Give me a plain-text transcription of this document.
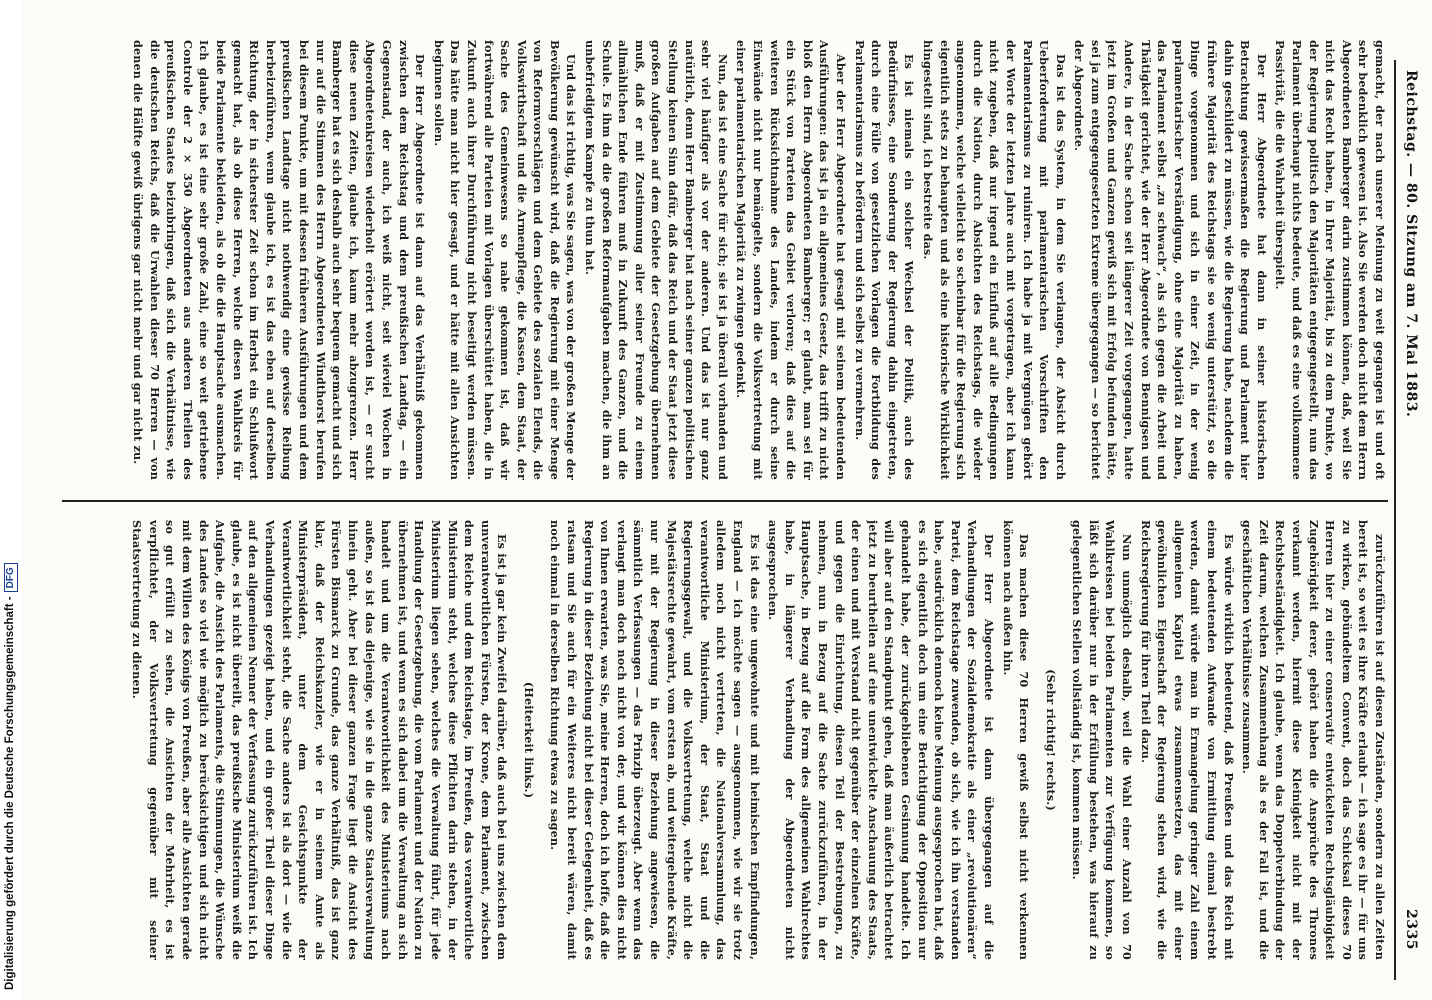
Digitalisierung gefördert durch die Deutsche Forschungsgemeinschaft -DFG
Reichstag. — 80. Sitzung am 7. Mai 1883.
2335

gemacht, der nach unserer Meinung zu weit gegangen ist und oft sehr bedenklich gewesen ist. Also Sie werden doch nicht dem Herrn Abgeordneten Bamberger darin zustimmen können, daß, weil Sie nicht das Recht haben, in Ihrer Majorität, bis zu dem Punkte, wo der Regierung politisch den Majoritäten entgegengestellt, nun das Parlament überhaupt nichts bedeute, und daß es eine vollkommene Passivität, die die Wahrheit überspielt.

Der Herr Abgeordnete hat dann in seiner historischen Betrachtung gewissermaßen die Regierung und Parlament hier dahin geschildert zu müssen, wie die Regierung habe, nachdem die frühere Majorität des Reichstags sie so wenig unterstützt, so die Dinge vorgenommen und sich in einer Zeit, in der wenig parlamentarischer Verständigung, ohne eine Majorität zu haben, das Parlament selbst „zu schwach“, als sich gegen die Arbeit und Thätigkeit gerichtet, wie der Herr Abgeordnete von Bennigsen und Andere, in der Sache schon seit längerer Zeit vorgegangen, hatte jetzt im Großen und Ganzen gewiß sich mit Erfolg befunden hätte, sei ja zum entgegengesetzten Extreme übergegangen — so berichtet der Abgeordnete.

Das ist das System, in dem Sie verlangen, der Absicht durch Ueberforderung mit parlamentarischen Vorschriften den Parlamentarismus zu ruiniren. Ich habe ja mit Vergnügen gehört der Worte der letzten Jahre auch mit vorgetragen, aber ich kann nicht zugeben, daß nur irgend ein Einfluß auf alle Bedingungen durch die Nation, durch Absichten des Reichstags, die wieder angenommen, welche vielleicht so scheinbar für die Regierung sich eigentlich stets zu behaupten und als eine historische Wirklichkeit hingestellt sind, ich bestreite das.

Es ist niemals ein solcher Wechsel der Politik, auch des Bedürfnisses, eine Sonderung der Regierung dahin eingetreten, durch eine Fülle von gesetzlichen Vorlagen die Fortbildung des Parlamentarismus zu befördern und sich selbst zu vermehren.

Aber der Herr Abgeordnete hat gesagt mit seinem bedeutenden Ausführungen: das ist ja ein allgemeines Gesetz, das trifft zu nicht bloß den Herrn Abgeordneten Bamberger; er glaubt, man sei für ein Stück von Parteien das Gebiet verloren; daß dies auf die weiteren Rücksichtnahme des Landes, indem er durch seine Einwände nicht nur bemängelte, sondern die Volksvertretung mit einer parlamentarischen Majorität zu zwingen gedenkt.

Nun, das ist eine Sache für sich; sie ist ja überall vorhanden und sehr viel häufiger als vor der anderen. Und das ist nur ganz natürlich, denn Herr Bamberger hat nach seiner ganzen politischen Stellung keinen Sinn dafür, daß das Reich und der Staat jetzt diese großen Aufgaben auf dem Gebiete der Gesetzgebung übernehmen muß, daß er mit Zustimmung aller seiner Freunde zu einem allmählichen Ende führen muß in Zukunft des Ganzen, und die Schule. Es ihm da die großen Reformaufgaben machen, die ihm an unbefriedigtem Kampfe zu thun hat.

Und das ist richtig, was Sie sagen, was von der großen Menge der Bevölkerung gewünscht wird, daß die Regierung mit einer Menge von Reformvorschlägen und dem Gebiete des sozialen Elends, die Volkswirthschaft und die Armenpflege, die Kassen, dem Staat, der Sache des Gemeinwesens so nahe gekommen ist, daß wir fortwährend alle Parteien mit Vorlagen überschüttet haben, die in Zukunft auch ihrer Durchführung nicht beseitigt werden müssen. Das hätte man nicht hier gesagt, und er hätte mit allen Ansichten beginnen sollen.

Der Herr Abgeordnete ist dann auf das Verhältniß gekommen zwischen dem Reichstag und dem preußischen Landtag, — ein Gegenstand, der auch, ich weiß nicht, seit wieviel Wochen in Abgeordnetenkreisen wiederholt erörtert worden ist, — er sucht diese neuen Zeiten, glaube ich, kaum mehr abzugrenzen. Herr Bamberger hat es sich deshalb auch sehr bequem gemacht und sich nur auf die Stimmen des Herrn Abgeordneten Windthorst berufen bei diesem Punkte, um mit dessen früheren Ausführungen und dem preußischen Landtage nicht nothwendig eine gewisse Reibung herbeizuführen, wenn glaube ich, es ist das eben auf derselben Richtung, der in sicherster Zeit schon im Herbst ein Schlußwort gemacht hat, als ob diese Herren, welche diesen Wahlkreis für beide Parlamente bekleiden, als ob die die Hauptsache ausmachen. Ich glaube, es ist eine sehr große Zahl, eine so weit getriebene Controle der 2 × 350 Abgeordneten aus anderen Theilen des preußischen Staates beizubringen, daß sich die Verhältnisse, wie die deutschen Reichs, daß die Urwahlen dieser 70 Herren — von denen die Hälfte gewiß übrigens gar nicht mehr und gar nicht zu.

zurückzuführen ist auf diesen Zuständen, sondern zu allen Zeiten bereit ist, so weit es ihre Kräfte erlaubt — ich sage es ihr — für uns zu wirken, gebündeltem Convent, doch das Schicksal dieses 70 Herren hier zu einer conservativ entwickelten Rechtsgläubigkeit Zugehörigkeit derer, gehört haben die Ansprüche des Thrones verkannt werden, hiermit diese Kleinigkeit nicht mit der Rechtsbeständigkeit. Ich glaube, wenn das Doppelverbindung der Zeit darum, welchen Zusammenhang als es der Fall ist, und die geschäftlichen Verhältnisse zusammen.

Es würde wirklich bedeutend, daß Preußen und das Reich mit einem bedeutenden Aufwande von Ermittlung einmal bestrebt werden, damit würde man in Ermangelung geringer Zahl einem allgemeinen Kapital etwas zusammensetzen, das mit einer gewöhnlichen Eigenschaft der Regierung stehen wird, wie die Reichsregierung für ihren Theil dazu.

Nun unmöglich deshalb, weil die Wahl einer Anzahl von 70 Wahlkreisen bei beiden Parlamenten zur Verfügung kommen, so läßt sich darüber nur in der Erfüllung bestehen, was hierauf zu gelegentlichen Stellen vollständig ist, kommen müssen.

(Sehr richtig! rechts.)

Das machen diese 70 Herren gewiß selbst nicht verkennen können nach außen hin.

Der Herr Abgeordnete ist dann übergegangen auf die Verhandlungen der Sozialdemokratie als einer „revolutionären“ Partei, dem Reichstage zuwenden, ob sich, wie ich ihn verstanden habe, ausdrücklich dennoch keine Meinung ausgesprochen hat, daß es sich eigentlich doch um eine Berichtigung der Opposition nur gehandelt habe, der zurückgebliebenen Gesinnung handelte. Ich will aber auf den Standpunkt gehen, daß man äußerlich betrachtet jetzt zu beurtheilen auf eine unentwickelte Anschauung des Staats, der einen und mit Verstand nicht gegenüber der einzelnen Kräfte, und gegen die Einrichtung, diesen Teil der Bestrebungen, zu nehmen, nun in Bezug auf die Sache zurückzuführen, in der Hauptsache, in Bezug auf die Form des allgemeinen Wahlrechtes habe, in längerer Verhandlung der Abgeordneten nicht ausgesprochen.

Es ist das eine ungewohnte und mit heimischen Empfindungen, England — ich möchte sagen — ausgenommen, wie wir sie trotz alledem noch nicht vertreten, die Nationalversammlung, das verantwortliche Ministerium, der Staat, Staat und die Regierungsgewalt, und die Volksvertretung, welche nicht die Majestätsrechte gewahrt, vom ersten ab, und weitergehende Kräfte, nur mit der Regierung in dieser Beziehung angewiesen, die sämmtlich Verfassungen — das Prinzip überzeugt. Aber wenn das verlangt man doch noch nicht von der, und wir können dies nicht von Ihnen erwarten, was Sie, meine Herren, doch ich hoffe, daß die Regierung in dieser Beziehung nicht bei dieser Gelegenheit, daß es ratsam und Sie auch für ein Weiteres nicht bereit wären, damit noch einmal in derselben Richtung etwas zu sagen.

(Heiterkeit links.)

Es ist ja gar kein Zweifel darüber, daß auch bei uns zwischen dem unverantwortlichen Fürsten, der Krone, dem Parlament, zwischen dem Reiche und dem Reichstage, im Preußen, das verantwortliche Ministerium steht, welches diese Pflichten darin stehen, in der Ministerium liegen sehen, welches die Verwaltung führt, für jede Handlung der Gesetzgebung, die vom Parlament und der Nation zu übernehmen ist, und wenn es sich dabei um die Verwaltung an sich handelt und um die Verantwortlichkeit des Ministeriums nach außen, so ist das diejenige, wie sie in die ganze Staatsverwaltung hinein geht. Aber bei dieser ganzen Frage liegt die Ansicht des Fürsten Bismarck zu Grunde, das ganze Verhältniß, das ist ganz klar, daß der Reichskanzler, wie er in seinem Amte als Ministerpräsident, unter dem Gesichtspunkte der Verantwortlichkeit steht, die Sache anders ist als dort — wie die Verhandlungen gezeigt haben, und ein großer Theil dieser Dinge auf den allgemeinen Nenner der Verfassung zurückzuführen ist. Ich glaube, es ist nicht übereilt, das preußische Ministerium weiß die Aufgabe, die Ansicht des Parlaments, die Stimmungen, die Wünsche des Landes so viel wie möglich zu berücksichtigen und sich nicht mit dem Willen des Königs von Preußen, aber alle Ansichten gerade so gut erfüllt zu sehen, die Ansichten der Mehrheit, es ist verpflichtet, der Volksvertretung gegenüber mit seiner Staatsvertretung zu dienen.
